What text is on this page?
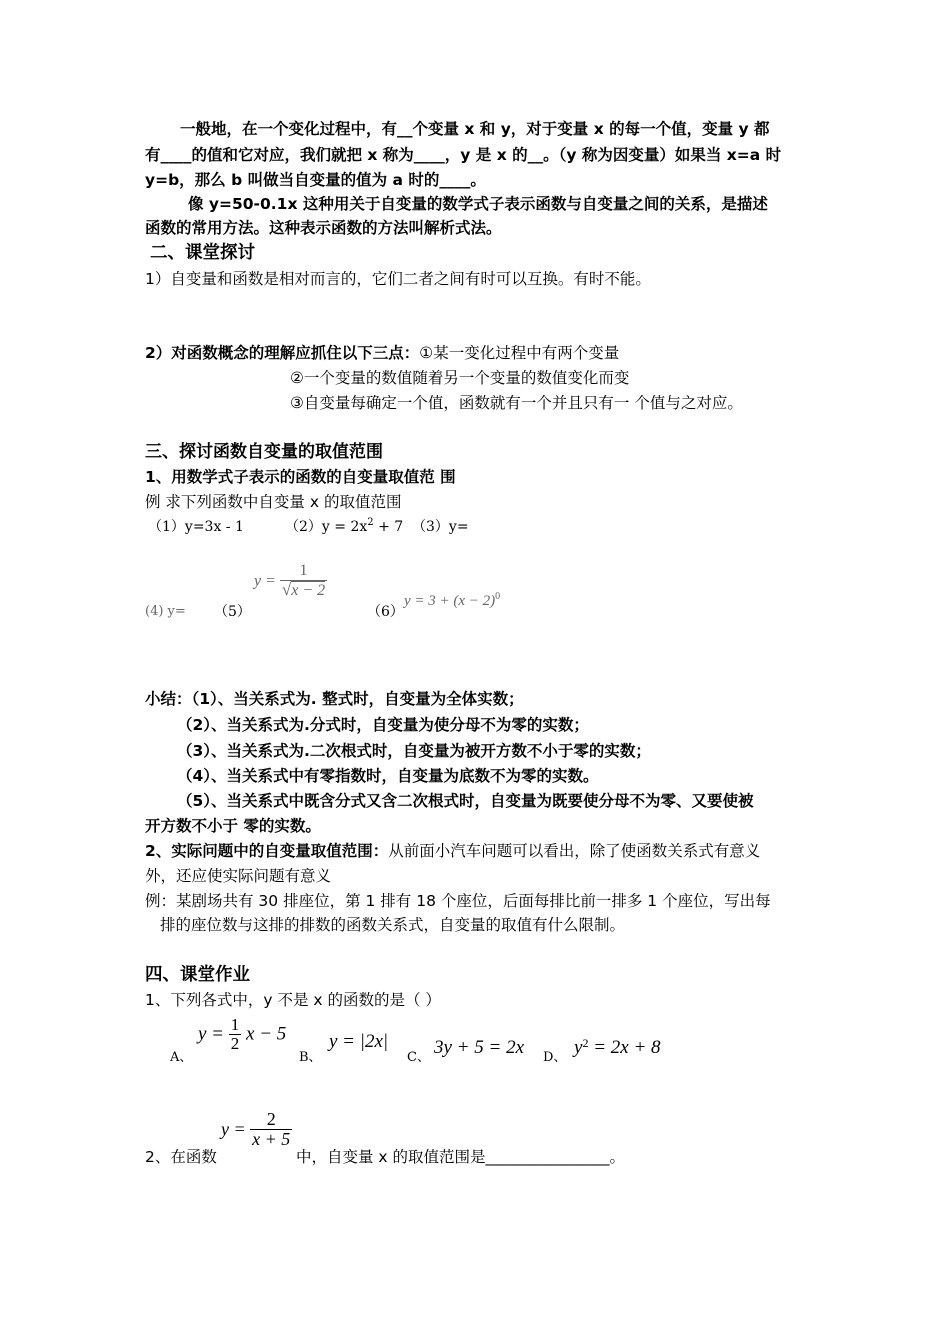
一般地，在一个变化过程中，有__个变量 x 和 y，对于变量 x 的每一个值，变量 y 都
有____的值和它对应，我们就把 x 称为____，y 是 x 的__。（y 称为因变量）如果当 x=a 时
y=b，那么 b 叫做当自变量的值为 a 时的____。
像 y=50-0.1x 这种用关于自变量的数学式子表示函数与自变量之间的关系，是描述
函数的常用方法。这种表示函数的方法叫解析式法。
二、课堂探讨
1）自变量和函数是相对而言的，它们二者之间有时可以互换。有时不能。
2）对函数概念的理解应抓住以下三点：①某一变化过程中有两个变量
②一个变量的数值随着另一个变量的数值变化而变
③自变量每确定一个值，函数就有一个并且只有一 个值与之对应。
三、探讨函数自变量的取值范围
1、用数学式子表示的函数的自变量取值范 围
例 求下列函数中自变量 x 的取值范围
（1）y=3x - 1	$(2)y = 2x^2 + 7$ （3）y=
(4) y= （5）
$y = \frac{1}{√x - 2}$
（6）
$y = 3 + (x - 2)^0$
小结：（1）、当关系式为. 整式时，自变量为全体实数；
（2）、当关系式为.分式时，自变量为使分母不为零的实数；
（3）、当关系式为.二次根式时，自变量为被开方数不小于零的实数；
（4）、当关系式中有零指数时，自变量为底数不为零的实数。
（5）、当关系式中既含分式又含二次根式时，自变量为既要使分母不为零、又要使被
开方数不小于 零的实数。
2、实际问题中的自变量取值范围：从前面小汽车问题可以看出，除了使函数关系式有意义
外，还应使实际问题有意义
例：某剧场共有 30 排座位，第 1 排有 18 个座位，后面每排比前一排多 1 个座位，写出每
排的座位数与这排的排数的函数关系式，自变量的取值有什么限制。
四、课堂作业
1、下列各式中，y 不是 x 的函数的是（ ）
A、
$y = \frac{1}{2}$ x − 5
B、
y = |2x|
C、 3y + 5 = 2x D、 $y^2 = 2x + 8$
2、在函数
$y = \frac{2}{x + 5}$
中，自变量 x 的取值范围是________________。
